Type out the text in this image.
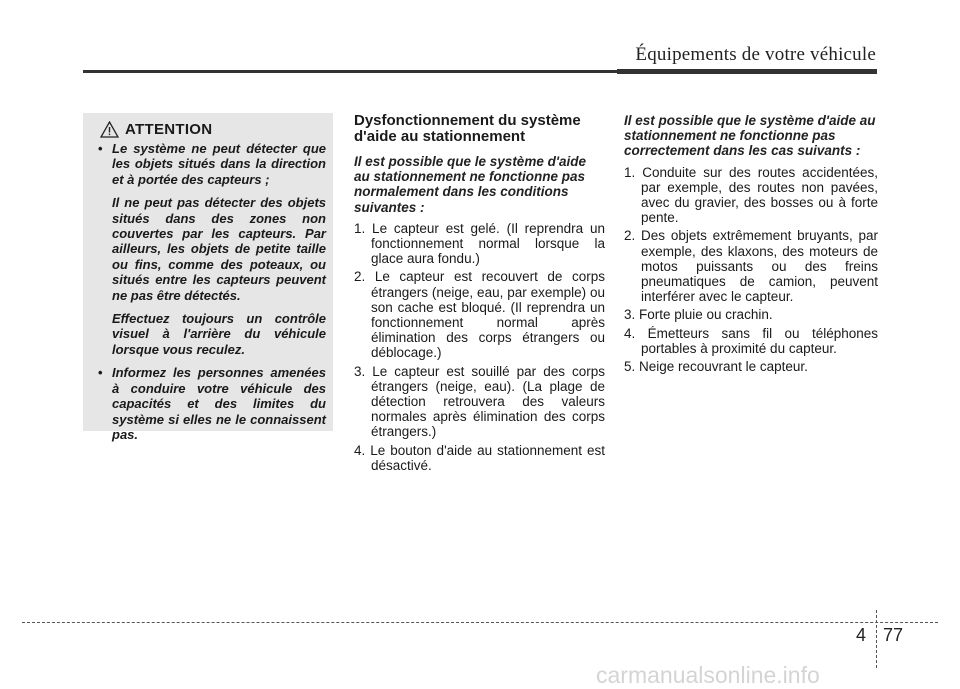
Équipements de votre véhicule
ATTENTION
• Le système ne peut détecter que les objets situés dans la direction et à portée des capteurs ;
Il ne peut pas détecter des objets situés dans des zones non couvertes par les capteurs. Par ailleurs, les objets de petite taille ou fins, comme des poteaux, ou situés entre les capteurs peuvent ne pas être détectés.
Effectuez toujours un contrôle visuel à l'arrière du véhicule lorsque vous reculez.
• Informez les personnes amenées à conduire votre véhicule des capacités et des limites du système si elles ne le connaissent pas.
Dysfonctionnement du système d'aide au stationnement
Il est possible que le système d'aide au stationnement ne fonctionne pas normalement dans les conditions suivantes :
1. Le capteur est gelé. (Il reprendra un fonctionnement normal lorsque la glace aura fondu.)
2. Le capteur est recouvert de corps étrangers (neige, eau, par exemple) ou son cache est bloqué. (Il reprendra un fonctionnement normal après élimination des corps étrangers ou déblocage.)
3. Le capteur est souillé par des corps étrangers (neige, eau). (La plage de détection retrouvera des valeurs normales après élimination des corps étrangers.)
4. Le bouton d'aide au stationnement est désactivé.
Il est possible que le système d'aide au stationnement ne fonctionne pas correctement dans les cas suivants :
1. Conduite sur des routes accidentées, par exemple, des routes non pavées, avec du gravier, des bosses ou à forte pente.
2. Des objets extrêmement bruyants, par exemple, des klaxons, des moteurs de motos puissants ou des freins pneumatiques de camion, peuvent interférer avec le capteur.
3. Forte pluie ou crachin.
4. Émetteurs sans fil ou téléphones portables à proximité du capteur.
5. Neige recouvrant le capteur.
4 77
carmanualsonline.info
